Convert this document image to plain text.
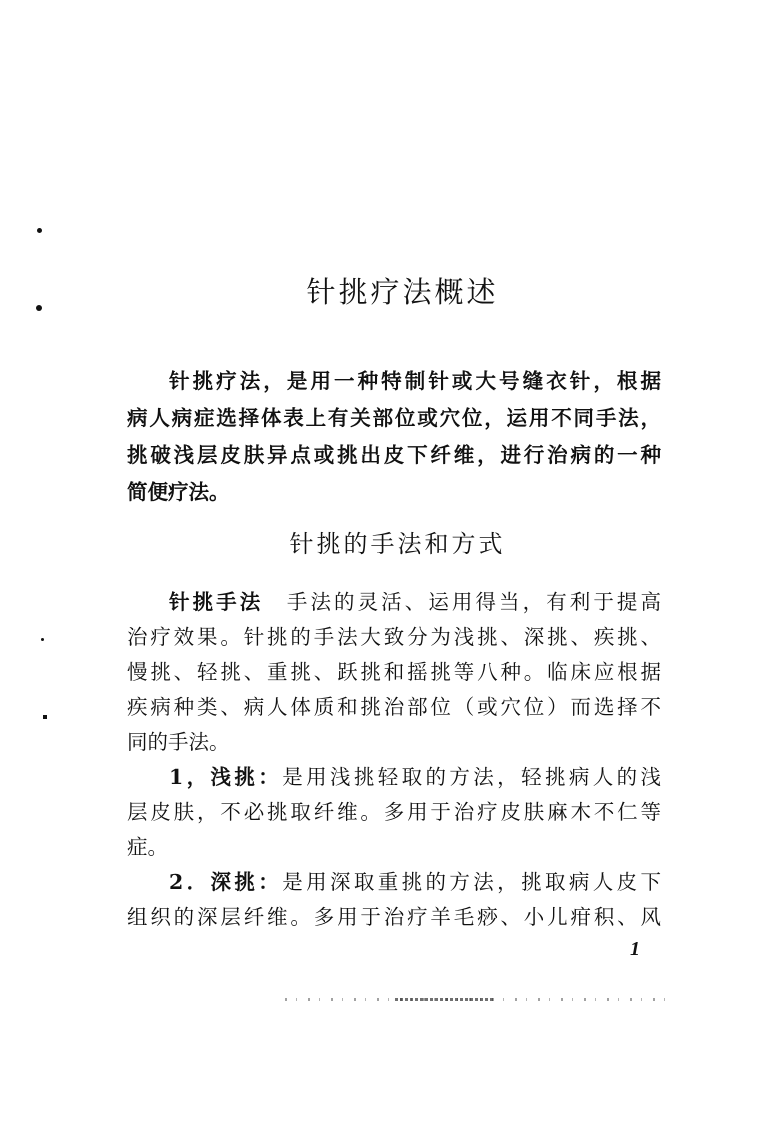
针挑疗法概述
针挑疗法，是用一种特制针或大号缝衣针，根据
病人病症选择体表上有关部位或穴位，运用不同手法，
挑破浅层皮肤异点或挑出皮下纤维，进行治病的一种
简便疗法。
针挑的手法和方式
针挑手法　手法的灵活、运用得当，有利于提高
治疗效果。针挑的手法大致分为浅挑、深挑、疾挑、
慢挑、轻挑、重挑、跃挑和摇挑等八种。临床应根据
疾病种类、病人体质和挑治部位（或穴位）而选择不
同的手法。
1，浅挑：是用浅挑轻取的方法，轻挑病人的浅
层皮肤，不必挑取纤维。多用于治疗皮肤麻木不仁等
症。
2．深挑：是用深取重挑的方法，挑取病人皮下
组织的深层纤维。多用于治疗羊毛痧、小儿疳积、风
1
